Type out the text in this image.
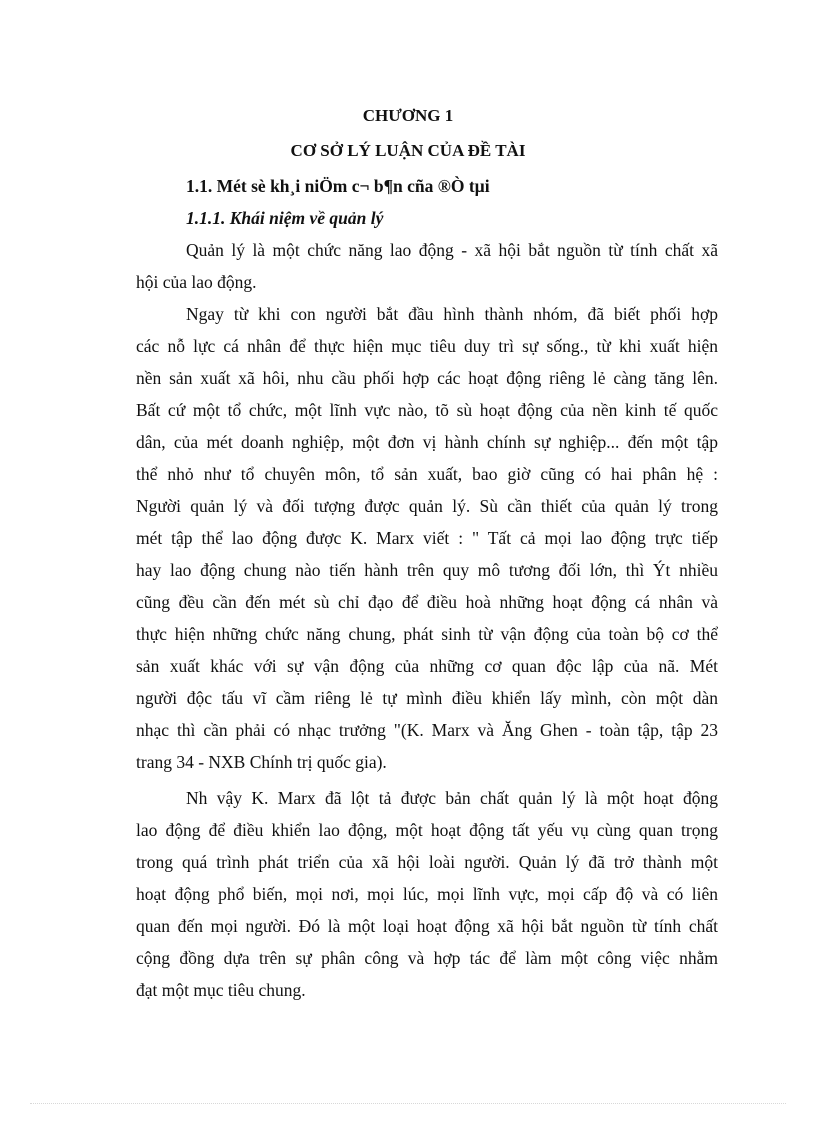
CHƯƠNG 1
CƠ SỞ LÝ LUẬN CỦA ĐỀ TÀI
1.1. Mét sè kh¸i niÖm c¬ b¶n cña ®Ò tµi
1.1.1. Khái niệm về quản lý
Quản lý là một chức năng lao động - xã hội bắt nguồn từ tính chất xã
hội của lao động.
Ngay từ khi con người bắt đầu hình thành nhóm, đã biết phối hợp
các nỗ lực cá nhân để thực hiện mục tiêu duy trì sự sống., từ khi xuất hiện
nền sản xuất xã hôi, nhu cầu phối hợp các hoạt động riêng lẻ càng tăng lên.
Bất cứ một tổ chức, một lĩnh vực nào, tõ sù hoạt động của nền kinh tế quốc
dân, của mét doanh nghiệp, một đơn vị hành chính sự nghiệp... đến một tập
thể nhỏ như tổ chuyên môn, tổ sản xuất, bao giờ cũng có hai phân hệ :
Người quản lý và đối tượng được quản lý. Sù cần thiết của quản lý trong
mét tập thể lao động được K. Marx viết : " Tất cả mọi lao động trực tiếp
hay lao động chung nào tiến hành trên quy mô tương đối lớn, thì Ýt nhiều
cũng đều cần đến mét sù chỉ đạo để điều hoà những hoạt động cá nhân và
thực hiện những chức năng chung, phát sinh từ vận động của toàn bộ cơ thể
sản xuất khác với sự vận động của những cơ quan độc lập của nã. Mét
người độc tấu vĩ cầm riêng lẻ tự mình điều khiển lấy mình, còn một dàn
nhạc thì cần phải có nhạc trưởng "(K. Marx và Ăng Ghen - toàn tập, tập 23
trang 34 - NXB Chính trị quốc gia).
Nh vậy K. Marx đã lột tả được bản chất quản lý là một hoạt động
lao động để điều khiển lao động, một hoạt động tất yếu vụ cùng quan trọng
trong quá trình phát triển của xã hội loài người. Quản lý đã trở thành một
hoạt động phổ biến, mọi nơi, mọi lúc, mọi lĩnh vực, mọi cấp độ và có liên
quan đến mọi người. Đó là một loại hoạt động xã hội bắt nguồn từ tính chất
cộng đồng dựa trên sự phân công và hợp tác để làm một công việc nhằm
đạt một mục tiêu chung.
